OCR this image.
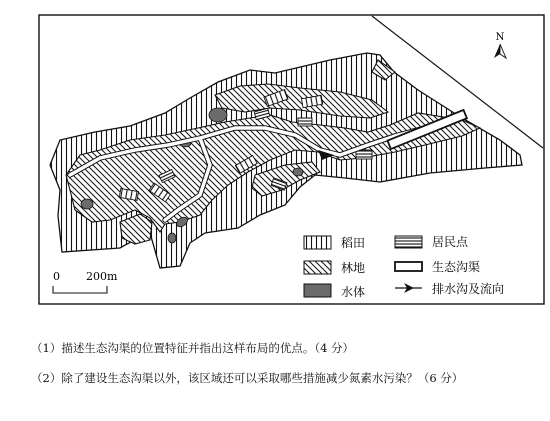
N
0 200m
稻田
林地
水体
居民点
生态沟渠
排水沟及流向
（1）描述生态沟渠的位置特征并指出这样布局的优点。（4 分）
（2）除了建设生态沟渠以外，该区域还可以采取哪些措施减少氮素水污染？（6 分）
